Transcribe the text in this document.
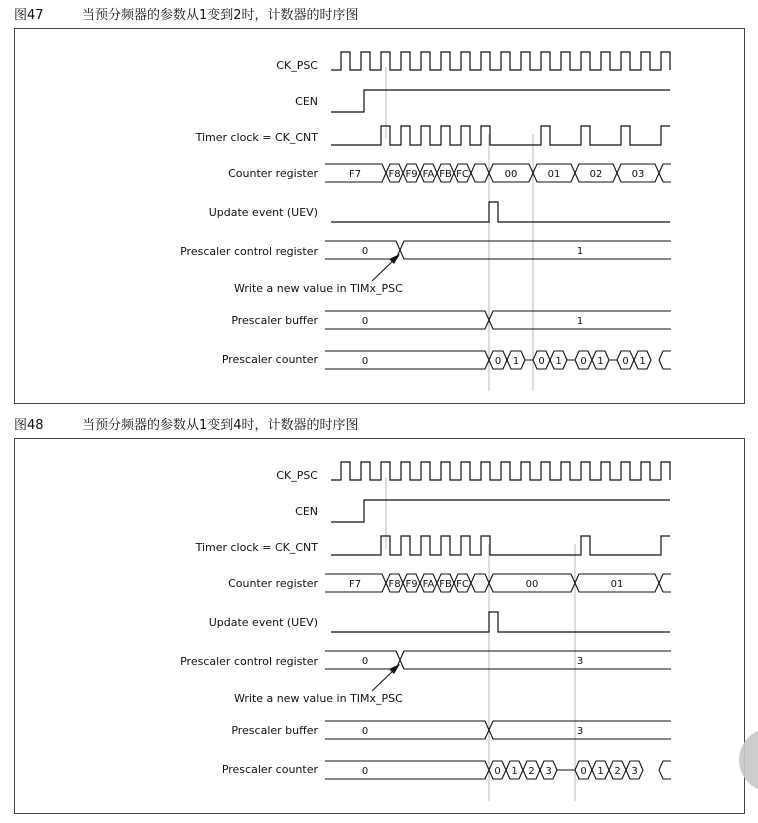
图47	当预分频器的参数从1变到2时，计数器的时序图
CK_PSC
CEN
Timer clock = CK_CNT
Counter register
Update event (UEV)
Prescaler control register
Prescaler buffer
Prescaler counter
F7	F8 F9 FA FB FC	00	01	02	03
0	1
Write a new value in TIMx_PSC
0	1
0	0 1 0 1 0 1 0 1
图48	当预分频器的参数从1变到4时，计数器的时序图
CK_PSC
CEN
Timer clock = CK_CNT
Counter register
Update event (UEV)
Prescaler control register
Prescaler buffer
Prescaler counter
F7	F8 F9 FA FB FC	00	01
0	3
Write a new value in TIMx_PSC
0	3
0	0 1 2 3	0 1 2 3
